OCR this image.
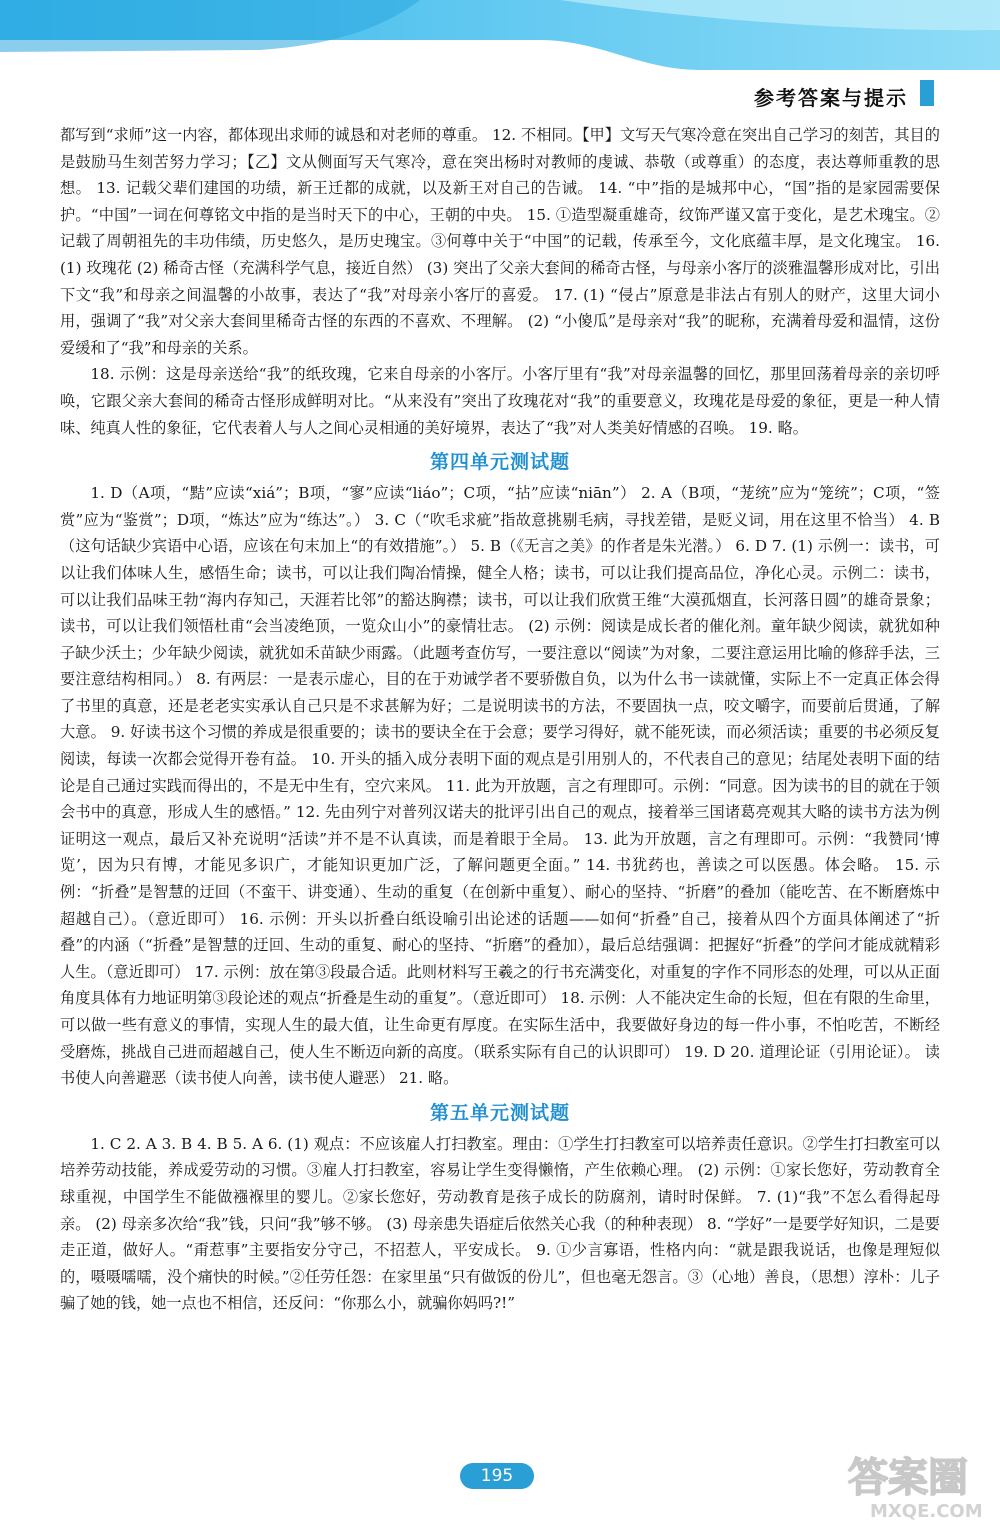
参考答案与提示

都写到“求师”这一内容，都体现出求师的诚恳和对老师的尊重。 12. 不相同。【甲】文写天气寒冷意在突出自己学习的刻苦，其目的是鼓励马生刻苦努力学习；【乙】文从侧面写天气寒冷，意在突出杨时对教师的虔诚、恭敬（或尊重）的态度，表达尊师重教的思想。 13. 记载父辈们建国的功绩，新王迁都的成就，以及新王对自己的告诫。 14. “中”指的是城邦中心，“国”指的是家园需要保护。“中国”一词在何尊铭文中指的是当时天下的中心，王朝的中央。 15. ①造型凝重雄奇，纹饰严谨又富于变化，是艺术瑰宝。②记载了周朝祖先的丰功伟绩，历史悠久，是历史瑰宝。③何尊中关于“中国”的记载，传承至今，文化底蕴丰厚，是文化瑰宝。 16. (1) 玫瑰花 (2) 稀奇古怪（充满科学气息，接近自然） (3) 突出了父亲大套间的稀奇古怪，与母亲小客厅的淡雅温馨形成对比，引出下文“我”和母亲之间温馨的小故事，表达了“我”对母亲小客厅的喜爱。 17. (1) “侵占”原意是非法占有别人的财产，这里大词小用，强调了“我”对父亲大套间里稀奇古怪的东西的不喜欢、不理解。 (2) “小傻瓜”是母亲对“我”的昵称，充满着母爱和温情，这份爱缓和了“我”和母亲的关系。

18. 示例：这是母亲送给“我”的纸玫瑰，它来自母亲的小客厅。小客厅里有“我”对母亲温馨的回忆，那里回荡着母亲的亲切呼唤，它跟父亲大套间的稀奇古怪形成鲜明对比。“从来没有”突出了玫瑰花对“我”的重要意义，玫瑰花是母爱的象征，更是一种人情味、纯真人性的象征，它代表着人与人之间心灵相通的美好境界，表达了“我”对人类美好情感的召唤。 19. 略。

第四单元测试题

1. D（A项，“黠”应读“xiá”；B项，“寥”应读“liáo”；C项，“拈”应读“niān”） 2. A（B项，“茏统”应为“笼统”；C项，“签赏”应为“鉴赏”；D项，“炼达”应为“练达”。） 3. C（“吹毛求疵”指故意挑剔毛病，寻找差错，是贬义词，用在这里不恰当） 4. B（这句话缺少宾语中心语，应该在句末加上“的有效措施”。） 5. B（《无言之美》的作者是朱光潜。） 6. D 7. (1) 示例一：读书，可以让我们体味人生，感悟生命；读书，可以让我们陶冶情操，健全人格；读书，可以让我们提高品位，净化心灵。示例二：读书，可以让我们品味王勃“海内存知己，天涯若比邻”的豁达胸襟；读书，可以让我们欣赏王维“大漠孤烟直，长河落日圆”的雄奇景象；读书，可以让我们领悟杜甫“会当凌绝顶，一览众山小”的豪情壮志。 (2) 示例：阅读是成长者的催化剂。童年缺少阅读，就犹如种子缺少沃土；少年缺少阅读，就犹如禾苗缺少雨露。（此题考查仿写，一要注意以“阅读”为对象，二要注意运用比喻的修辞手法，三要注意结构相同。） 8. 有两层：一是表示虚心，目的在于劝诫学者不要骄傲自负，以为什么书一读就懂，实际上不一定真正体会得了书里的真意，还是老老实实承认自己只是不求甚解为好；二是说明读书的方法，不要固执一点，咬文嚼字，而要前后贯通，了解大意。 9. 好读书这个习惯的养成是很重要的；读书的要诀全在于会意；要学习得好，就不能死读，而必须活读；重要的书必须反复阅读，每读一次都会觉得开卷有益。 10. 开头的插入成分表明下面的观点是引用别人的，不代表自己的意见；结尾处表明下面的结论是自己通过实践而得出的，不是无中生有，空穴来风。 11. 此为开放题，言之有理即可。示例：“同意。因为读书的目的就在于领会书中的真意，形成人生的感悟。” 12. 先由列宁对普列汉诺夫的批评引出自己的观点，接着举三国诸葛亮观其大略的读书方法为例证明这一观点，最后又补充说明“活读”并不是不认真读，而是着眼于全局。 13. 此为开放题，言之有理即可。示例：“我赞同‘博览’，因为只有博，才能见多识广，才能知识更加广泛，了解问题更全面。” 14. 书犹药也，善读之可以医愚。体会略。 15. 示例：“折叠”是智慧的迂回（不蛮干、讲变通）、生动的重复（在创新中重复）、耐心的坚持、“折磨”的叠加（能吃苦、在不断磨炼中超越自己）。（意近即可） 16. 示例：开头以折叠白纸设喻引出论述的话题——如何“折叠”自己，接着从四个方面具体阐述了“折叠”的内涵（“折叠”是智慧的迂回、生动的重复、耐心的坚持、“折磨”的叠加），最后总结强调：把握好“折叠”的学问才能成就精彩人生。（意近即可） 17. 示例：放在第③段最合适。此则材料写王羲之的行书充满变化，对重复的字作不同形态的处理，可以从正面角度具体有力地证明第③段论述的观点“折叠是生动的重复”。（意近即可） 18. 示例：人不能决定生命的长短，但在有限的生命里，可以做一些有意义的事情，实现人生的最大值，让生命更有厚度。在实际生活中，我要做好身边的每一件小事，不怕吃苦，不断经受磨炼，挑战自己进而超越自己，使人生不断迈向新的高度。（联系实际有自己的认识即可） 19. D 20. 道理论证（引用论证）。 读书使人向善避恶（读书使人向善，读书使人避恶） 21. 略。

第五单元测试题

1. C 2. A 3. B 4. B 5. A 6. (1) 观点：不应该雇人打扫教室。理由：①学生打扫教室可以培养责任意识。②学生打扫教室可以培养劳动技能，养成爱劳动的习惯。③雇人打扫教室，容易让学生变得懒惰，产生依赖心理。 (2) 示例：①家长您好，劳动教育全球重视，中国学生不能做襁褓里的婴儿。②家长您好，劳动教育是孩子成长的防腐剂，请时时保鲜。 7. (1)“我”不怎么看得起母亲。 (2) 母亲多次给“我”钱，只问“我”够不够。 (3) 母亲患失语症后依然关心我（的种种表现） 8. “学好”一是要学好知识，二是要走正道，做好人。“甭惹事”主要指安分守己，不招惹人，平安成长。 9. ①少言寡语，性格内向：“就是跟我说话，也像是理短似的，嗫嗫嚅嚅，没个痛快的时候。”②任劳任怨：在家里虽“只有做饭的份儿”，但也毫无怨言。③（心地）善良，（思想）淳朴：儿子骗了她的钱，她一点也不相信，还反问：“你那么小，就骗你妈吗?!”

195	答案圈
MXQE.COM
